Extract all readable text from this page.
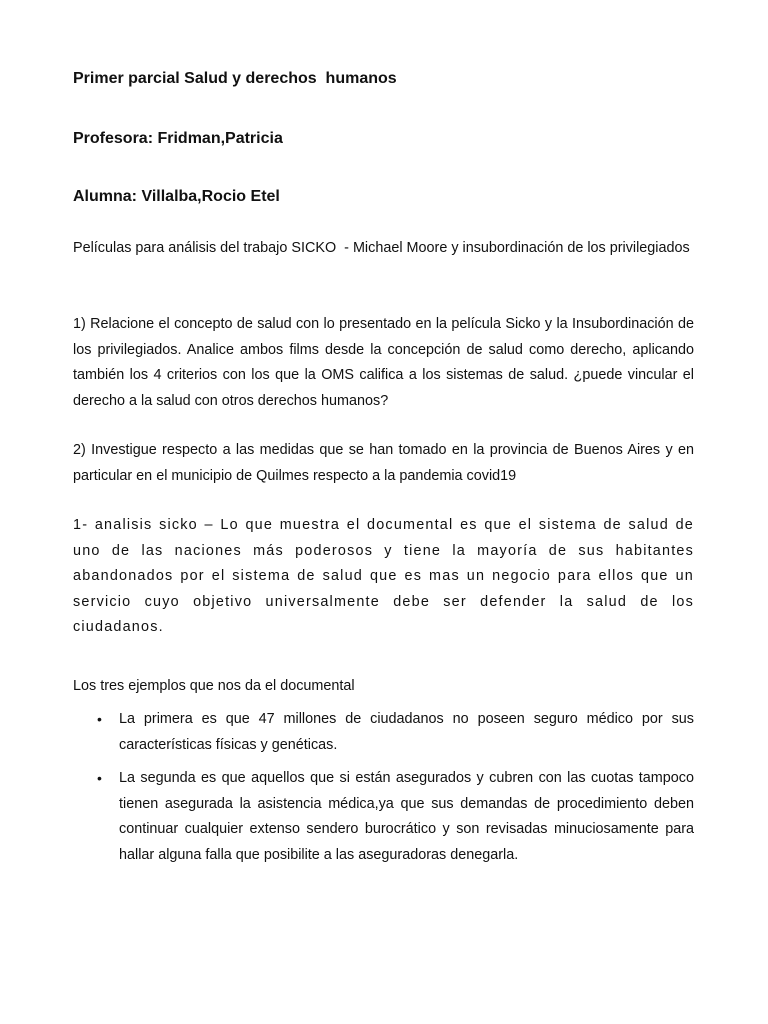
Primer parcial Salud y derechos  humanos
Profesora: Fridman,Patricia
Alumna: Villalba,Rocio Etel

Películas para análisis del trabajo SICKO  - Michael Moore y insubordinación de los privilegiados

1) Relacione el concepto de salud con lo presentado en la película Sicko y la Insubordinación de los privilegiados. Analice ambos films desde la concepción de salud como derecho, aplicando también los 4 criterios con los que la OMS califica a los sistemas de salud. ¿puede vincular el derecho a la salud con otros derechos humanos?

2) Investigue respecto a las medidas que se han tomado en la provincia de Buenos Aires y en particular en el municipio de Quilmes respecto a la pandemia covid19

1- analisis sicko – Lo que muestra el documental es que el sistema de salud de uno de las naciones más poderosos y tiene la mayoría de sus habitantes abandonados por el sistema de salud que es mas un negocio para ellos que un servicio cuyo objetivo universalmente debe ser defender la salud de los ciudadanos.

Los tres ejemplos que nos da el documental

• La primera es que 47 millones de ciudadanos no poseen seguro médico por sus características físicas y genéticas.
• La segunda es que aquellos que si están asegurados y cubren con las cuotas tampoco tienen asegurada la asistencia médica,ya que sus demandas de procedimiento deben continuar cualquier extenso sendero burocrático y son revisadas minuciosamente para hallar alguna falla que posibilite a las aseguradoras denegarla.
